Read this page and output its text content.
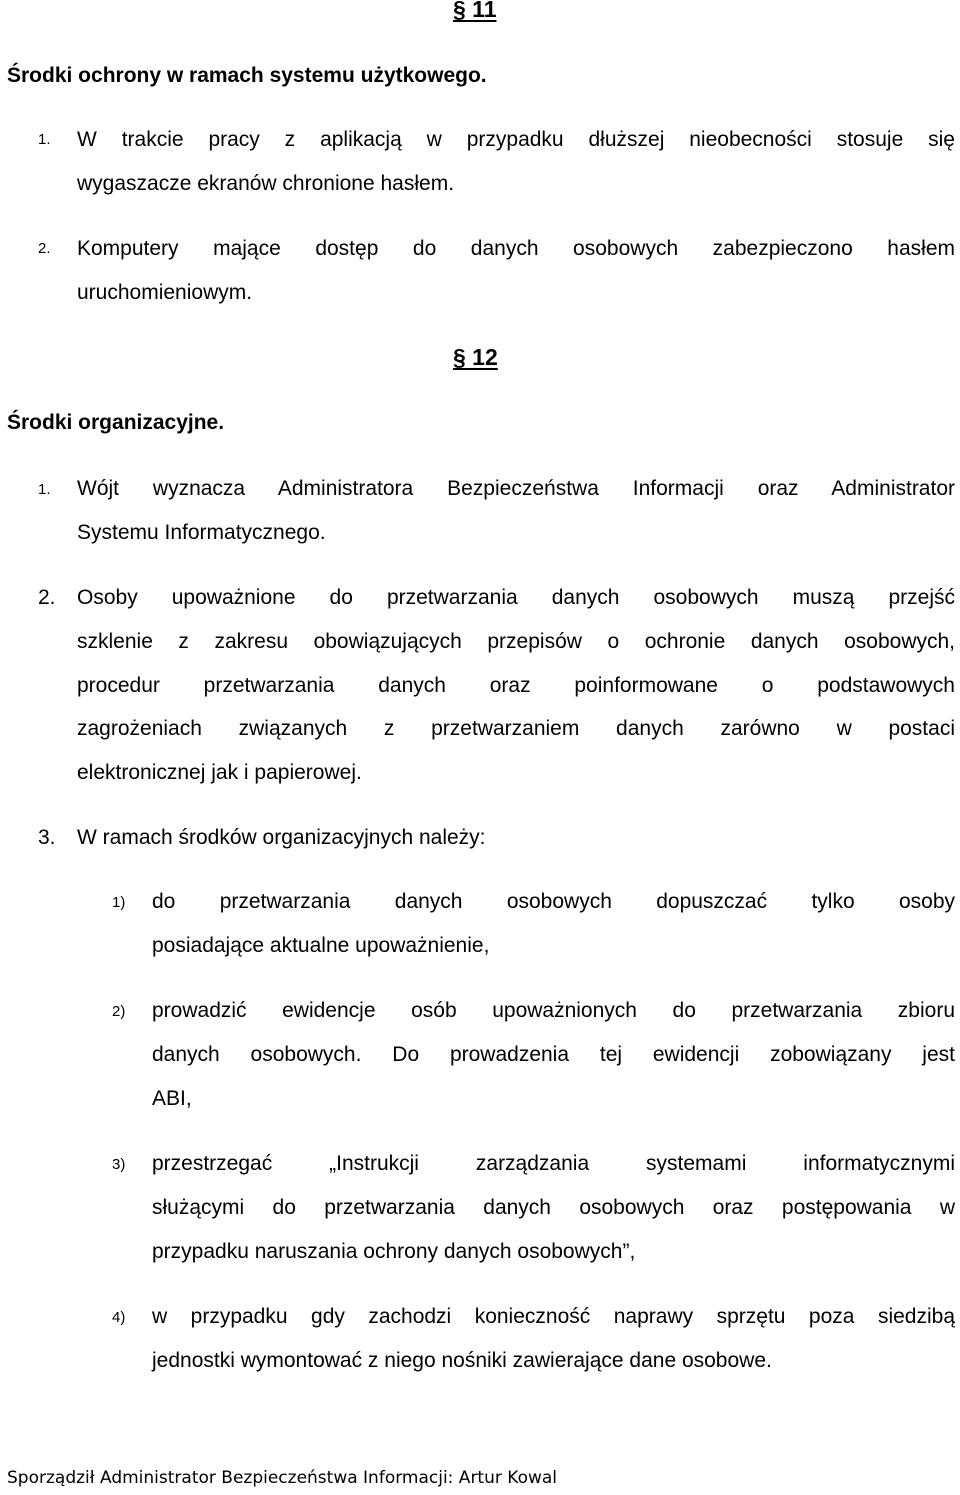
§ 11
Środki ochrony w ramach systemu użytkowego.
1. W trakcie pracy z aplikacją w przypadku dłuższej nieobecności stosuje się
wygaszacze ekranów chronione hasłem.
2. Komputery mające dostęp do danych osobowych zabezpieczono hasłem
uruchomieniowym.
§ 12
Środki organizacyjne.
1. Wójt wyznacza Administratora Bezpieczeństwa Informacji oraz Administrator
Systemu Informatycznego.
2. Osoby upoważnione do przetwarzania danych osobowych muszą przejść
szklenie z zakresu obowiązujących przepisów o ochronie danych osobowych,
procedur przetwarzania danych oraz poinformowane o podstawowych
zagrożeniach związanych z przetwarzaniem danych zarówno w postaci
elektronicznej jak i papierowej.
3. W ramach środków organizacyjnych należy:
1) do przetwarzania danych osobowych dopuszczać tylko osoby
posiadające aktualne upoważnienie,
2) prowadzić ewidencje osób upoważnionych do przetwarzania zbioru
danych osobowych. Do prowadzenia tej ewidencji zobowiązany jest
ABI,
3) przestrzegać „Instrukcji zarządzania systemami informatycznymi
służącymi do przetwarzania danych osobowych oraz postępowania w
przypadku naruszania ochrony danych osobowych”,
4) w przypadku gdy zachodzi konieczność naprawy sprzętu poza siedzibą
jednostki wymontować z niego nośniki zawierające dane osobowe.
Sporządził Administrator Bezpieczeństwa Informacji: Artur Kowal
